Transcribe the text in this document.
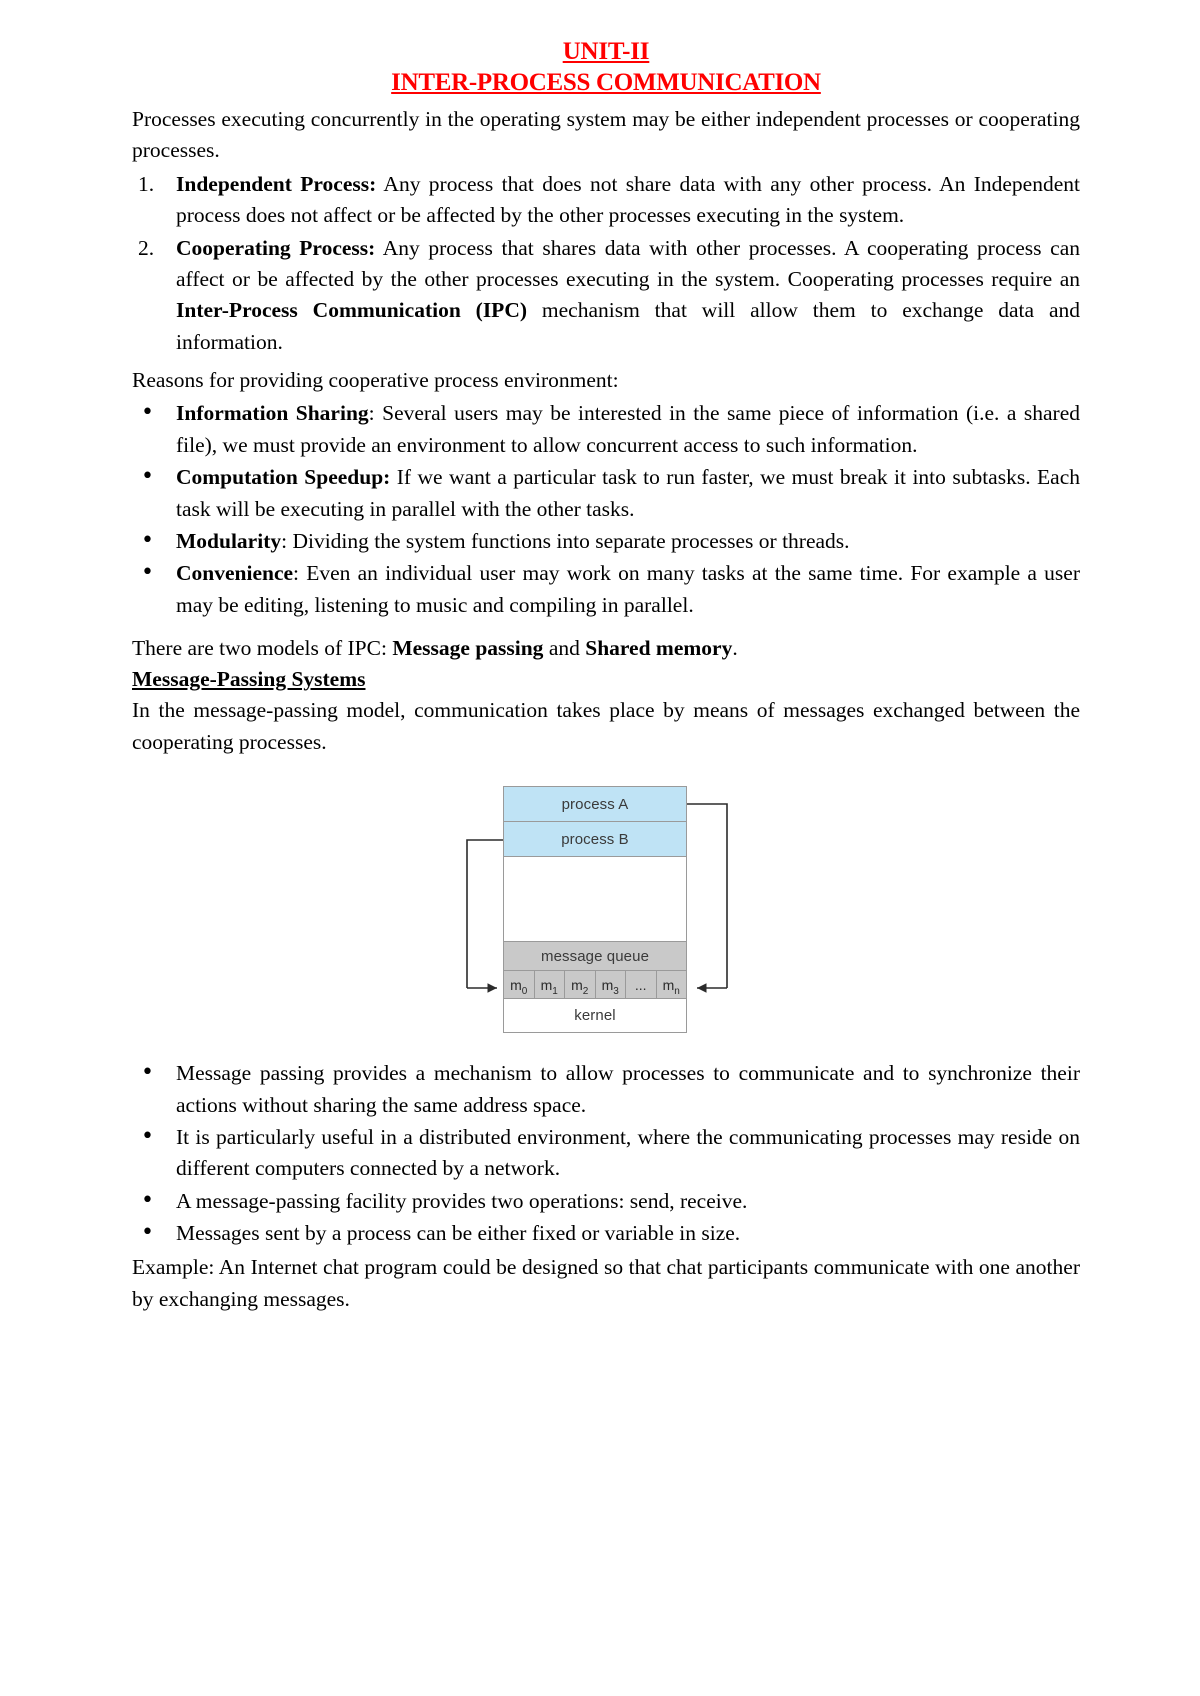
UNIT-II
INTER-PROCESS COMMUNICATION

Processes executing concurrently in the operating system may be either independent processes or cooperating processes.

Independent Process: Any process that does not share data with any other process. An Independent process does not affect or be affected by the other processes executing in the system.
Cooperating Process: Any process that shares data with other processes. A cooperating process can affect or be affected by the other processes executing in the system. Cooperating processes require an Inter-Process Communication (IPC) mechanism that will allow them to exchange data and information.

Reasons for providing cooperative process environment:

• Information Sharing: Several users may be interested in the same piece of information (i.e. a shared file), we must provide an environment to allow concurrent access to such information.
• Computation Speedup: If we want a particular task to run faster, we must break it into subtasks. Each task will be executing in parallel with the other tasks.
• Modularity: Dividing the system functions into separate processes or threads.
• Convenience: Even an individual user may work on many tasks at the same time. For example a user may be editing, listening to music and compiling in parallel.

There are two models of IPC: Message passing and Shared memory.

Message-Passing Systems

In the message-passing model, communication takes place by means of messages exchanged between the cooperating processes.

process A
process B
message queue
$m_0$ $m_1$ $m_2$ $m_3$	...	$m_n$
kernel
• Message passing provides a mechanism to allow processes to communicate and to synchronize their actions without sharing the same address space.
• It is particularly useful in a distributed environment, where the communicating processes may reside on different computers connected by a network.
• A message-passing facility provides two operations: send, receive.
• Messages sent by a process can be either fixed or variable in size.

Example: An Internet chat program could be designed so that chat participants communicate with one another by exchanging messages.
